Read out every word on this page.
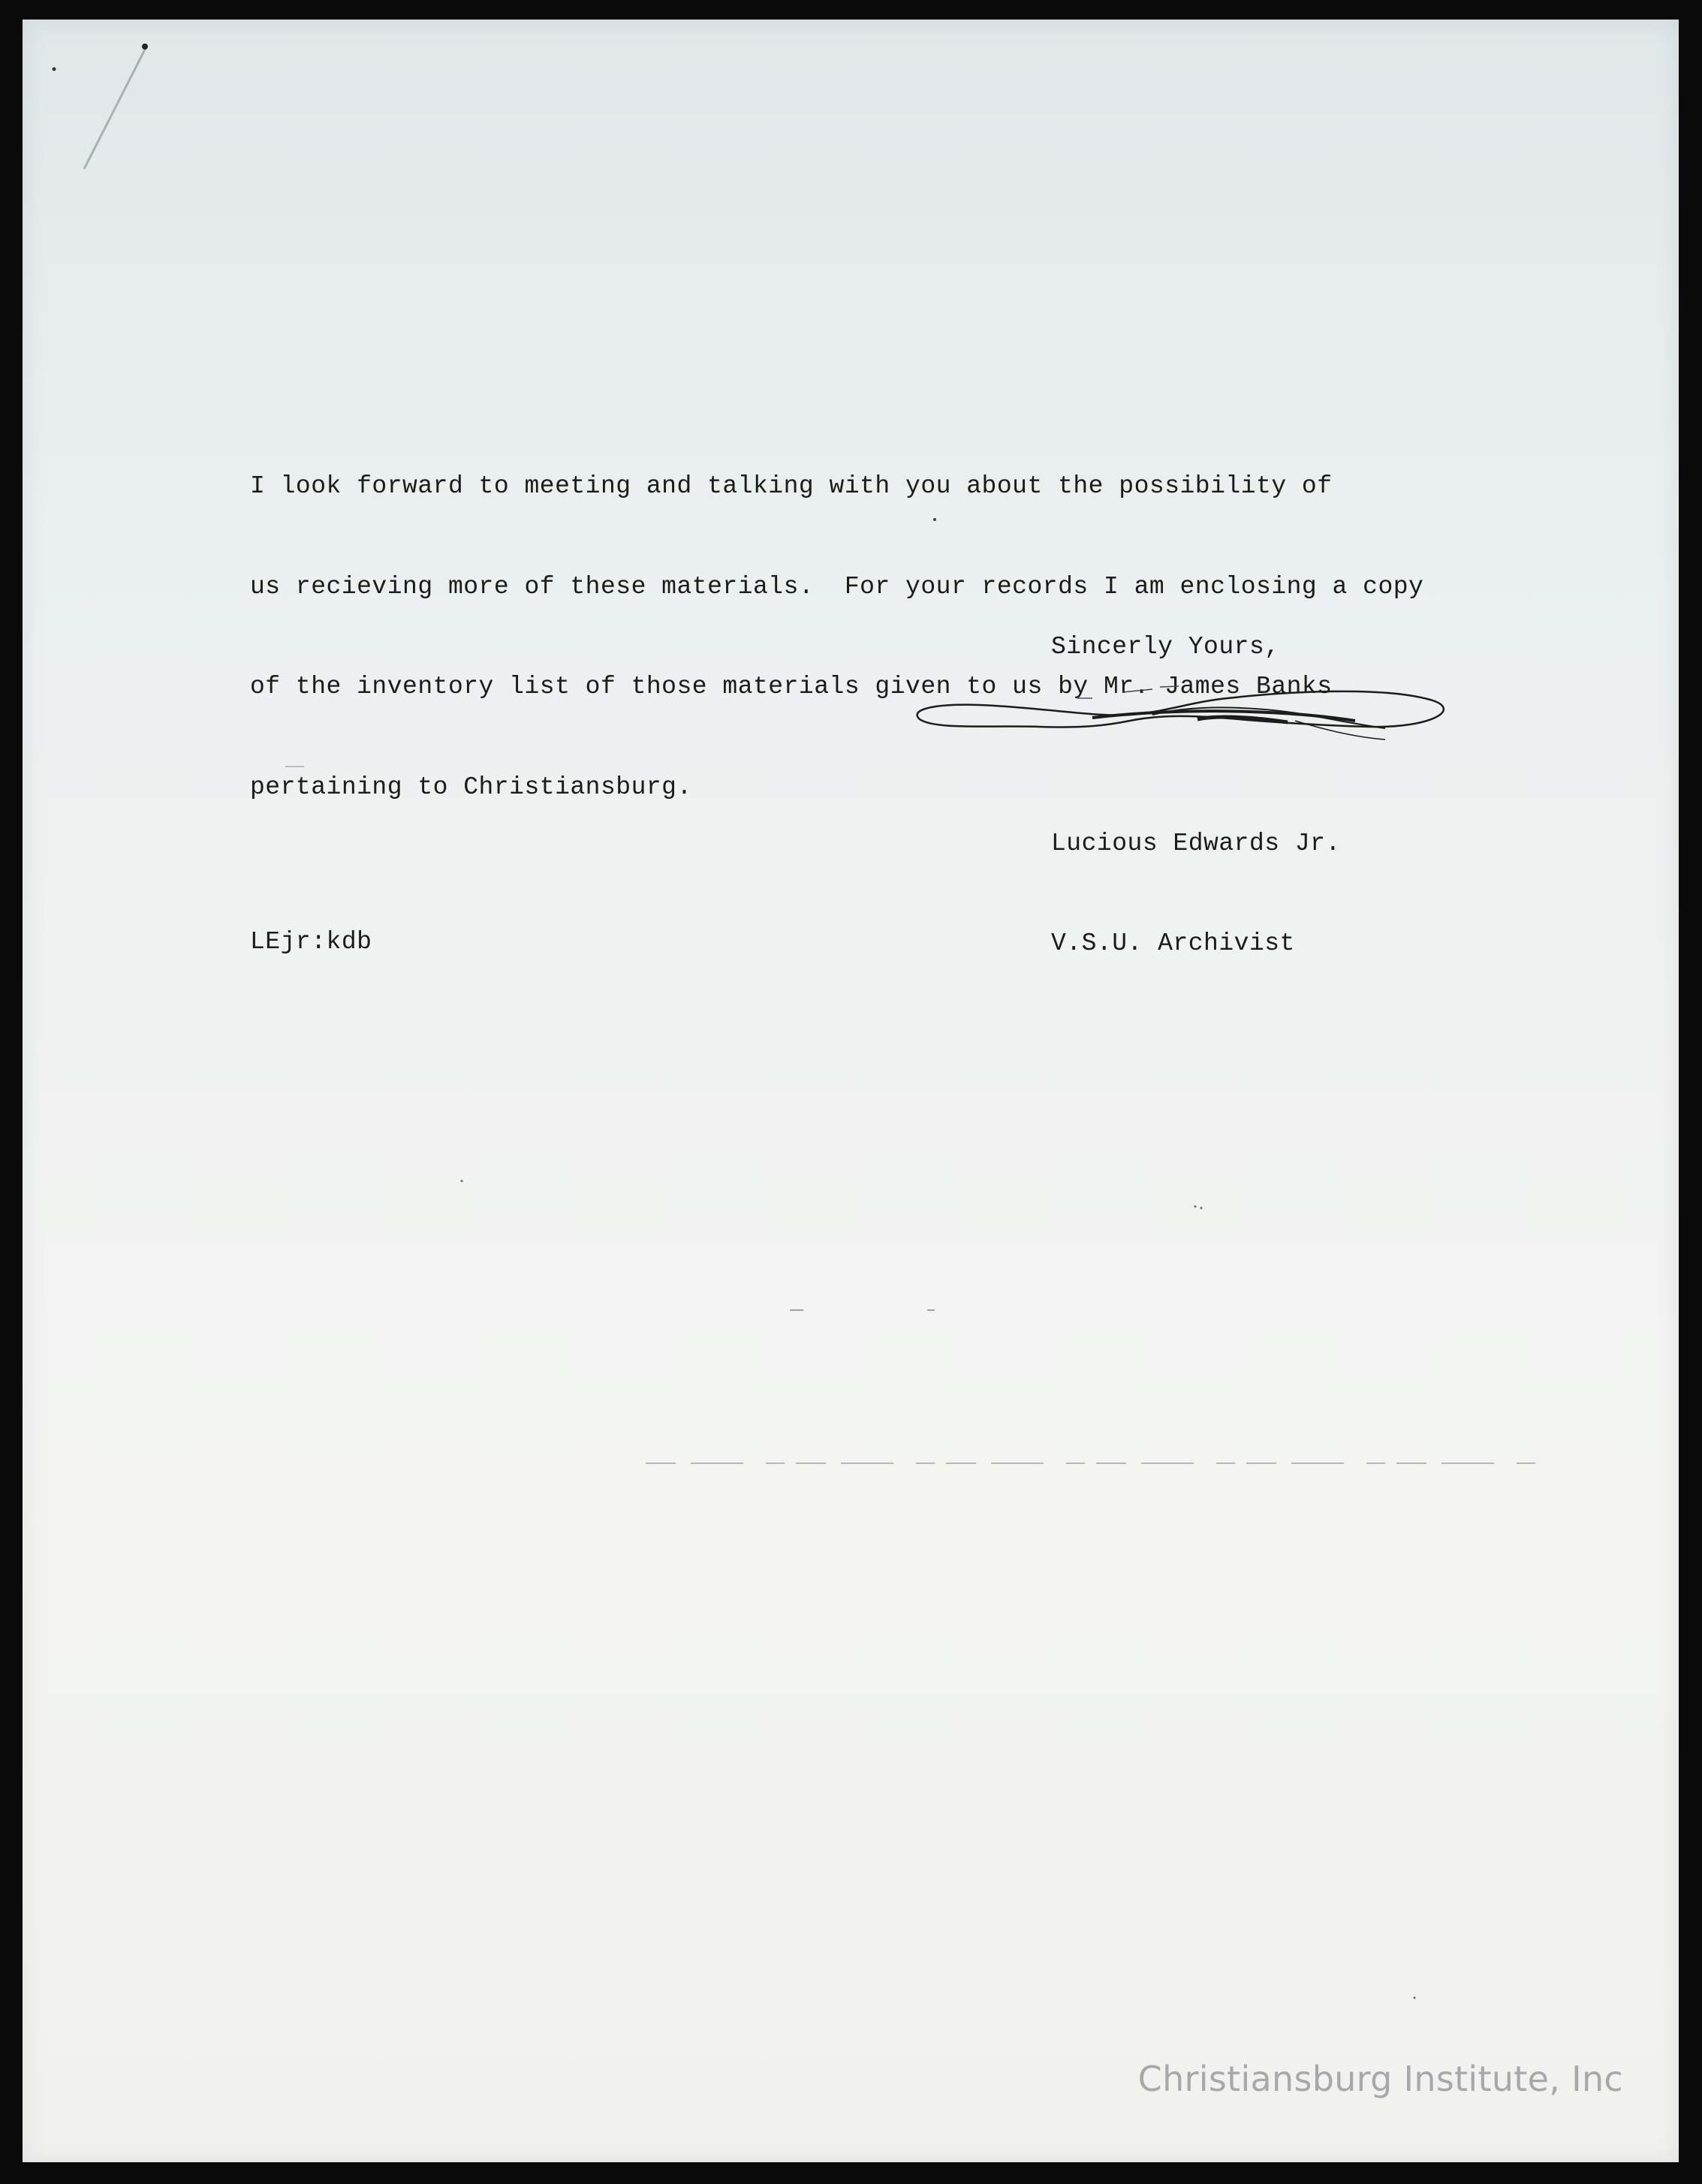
I look forward to meeting and talking with you about the possibility of

us recieving more of these materials.  For your records I am enclosing a copy

of the inventory list of those materials given to us by Mr. James Banks

pertaining to Christiansburg.

Sincerly Yours,

Lucious Edwards Jr.

V.S.U. Archivist

LEjr:kdb
Christiansburg Institute, Inc
